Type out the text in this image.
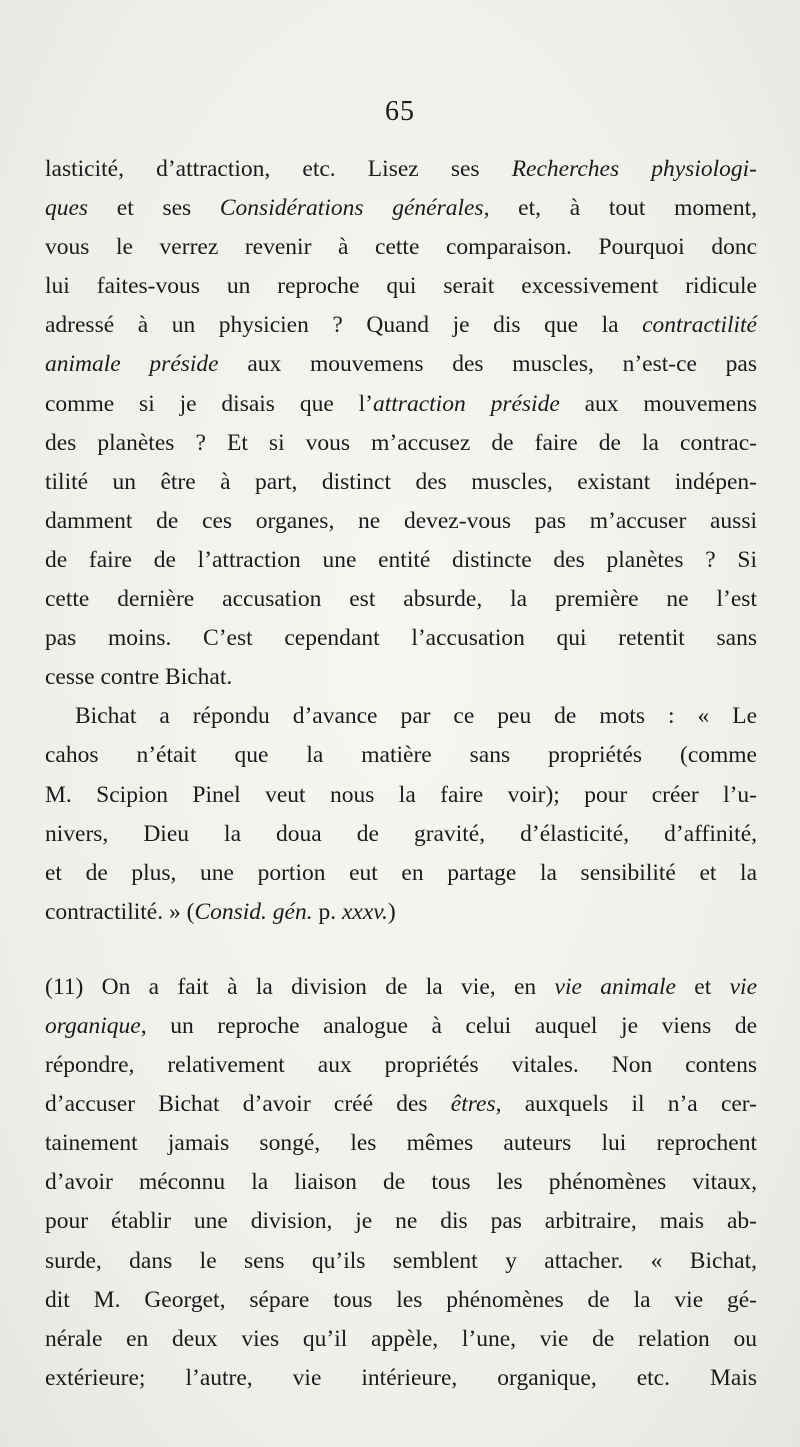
65
lasticité, d’attraction, etc. Lisez ses Recherches physiologi-
ques et ses Considérations générales, et, à tout moment,
vous le verrez revenir à cette comparaison. Pourquoi donc
lui faites-vous un reproche qui serait excessivement ridicule
adressé à un physicien ? Quand je dis que la contractilité
animale préside aux mouvemens des muscles, n’est-ce pas
comme si je disais que l’attraction préside aux mouvemens
des planètes ? Et si vous m’accusez de faire de la contrac-
tilité un être à part, distinct des muscles, existant indépen-
damment de ces organes, ne devez-vous pas m’accuser aussi
de faire de l’attraction une entité distincte des planètes ? Si
cette dernière accusation est absurde, la première ne l’est
pas moins. C’est cependant l’accusation qui retentit sans
cesse contre Bichat.
Bichat a répondu d’avance par ce peu de mots : « Le
cahos n’était que la matière sans propriétés (comme
M. Scipion Pinel veut nous la faire voir); pour créer l’u-
nivers, Dieu la doua de gravité, d’élasticité, d’affinité,
et de plus, une portion eut en partage la sensibilité et la
contractilité. » (Consid. gén. p. xxxv.)
(11) On a fait à la division de la vie, en vie animale et vie
organique, un reproche analogue à celui auquel je viens de
répondre, relativement aux propriétés vitales. Non contens
d’accuser Bichat d’avoir créé des êtres, auxquels il n’a cer-
tainement jamais songé, les mêmes auteurs lui reprochent
d’avoir méconnu la liaison de tous les phénomènes vitaux,
pour établir une division, je ne dis pas arbitraire, mais ab-
surde, dans le sens qu’ils semblent y attacher. « Bichat,
dit M. Georget, sépare tous les phénomènes de la vie gé-
nérale en deux vies qu’il appèle, l’une, vie de relation ou
extérieure; l’autre, vie intérieure, organique, etc. Mais
